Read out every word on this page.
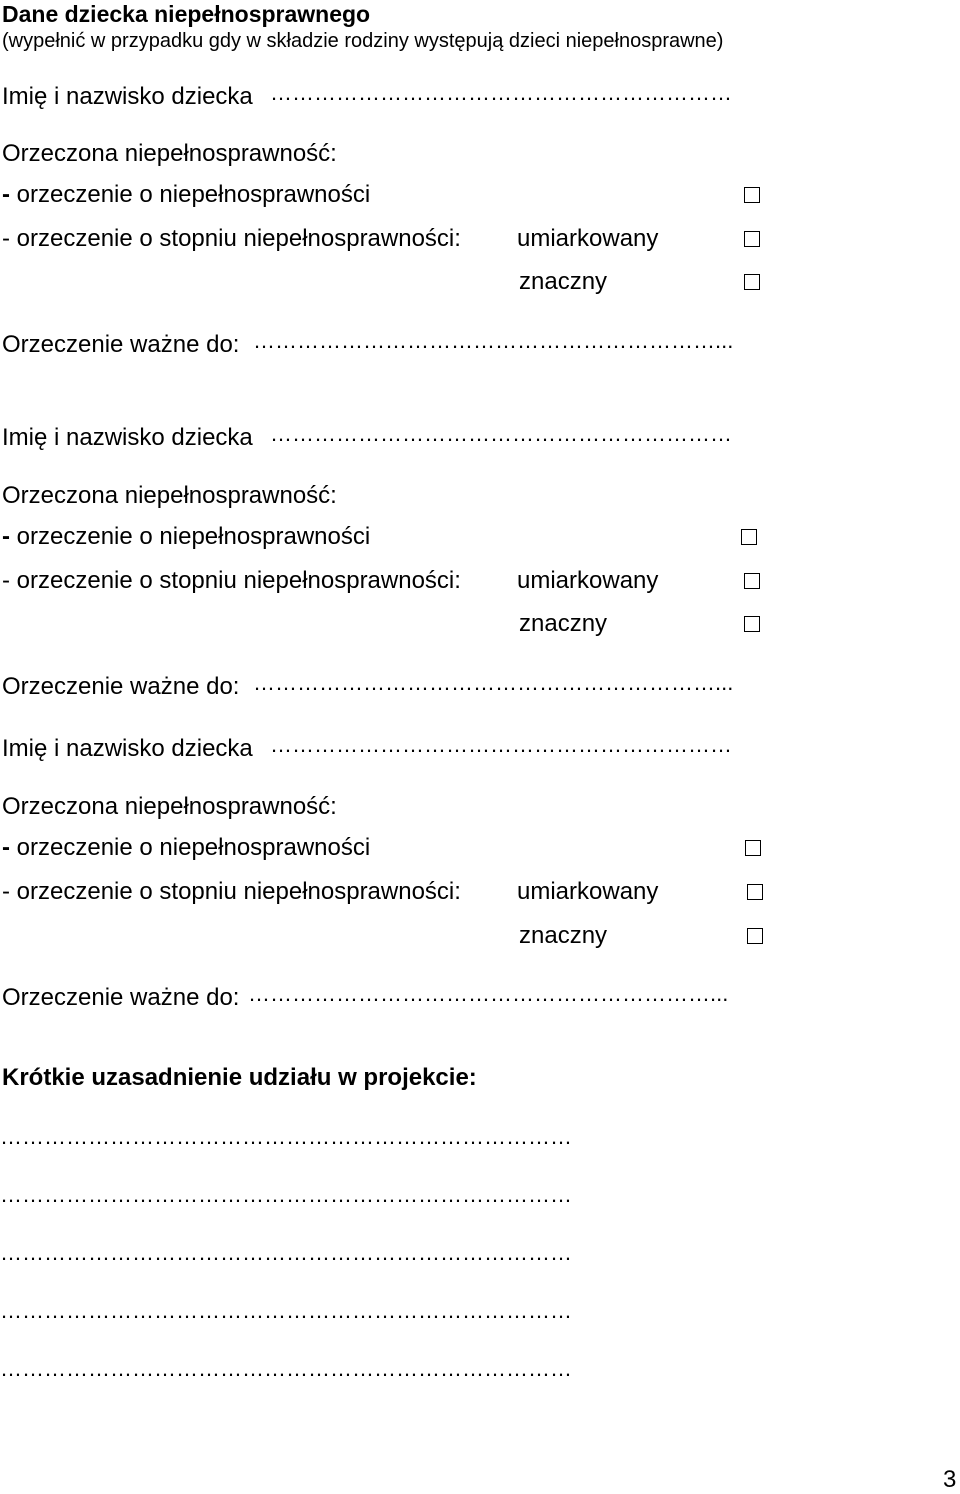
Dane dziecka niepełnosprawnego
(wypełnić w przypadku gdy w składzie rodziny występują dzieci niepełnosprawne)
Imię i nazwisko dziecka ………………………………………………………
Orzeczona niepełnosprawność:
- orzeczenie o niepełnosprawności
- orzeczenie o stopniu niepełnosprawności: umiarkowany
znaczny
Orzeczenie ważne do: ………………………………………………………...
Imię i nazwisko dziecka ………………………………………………………
Orzeczona niepełnosprawność:
- orzeczenie o niepełnosprawności
- orzeczenie o stopniu niepełnosprawności: umiarkowany
znaczny
Orzeczenie ważne do: ………………………………………………………...
Imię i nazwisko dziecka ………………………………………………………
Orzeczona niepełnosprawność:
- orzeczenie o niepełnosprawności
- orzeczenie o stopniu niepełnosprawności: umiarkowany
znaczny
Orzeczenie ważne do: ………………………………………………………...
Krótkie uzasadnienie udziału w projekcie:
……………………………………………………………………
……………………………………………………………………
……………………………………………………………………
……………………………………………………………………
……………………………………………………………………
3
